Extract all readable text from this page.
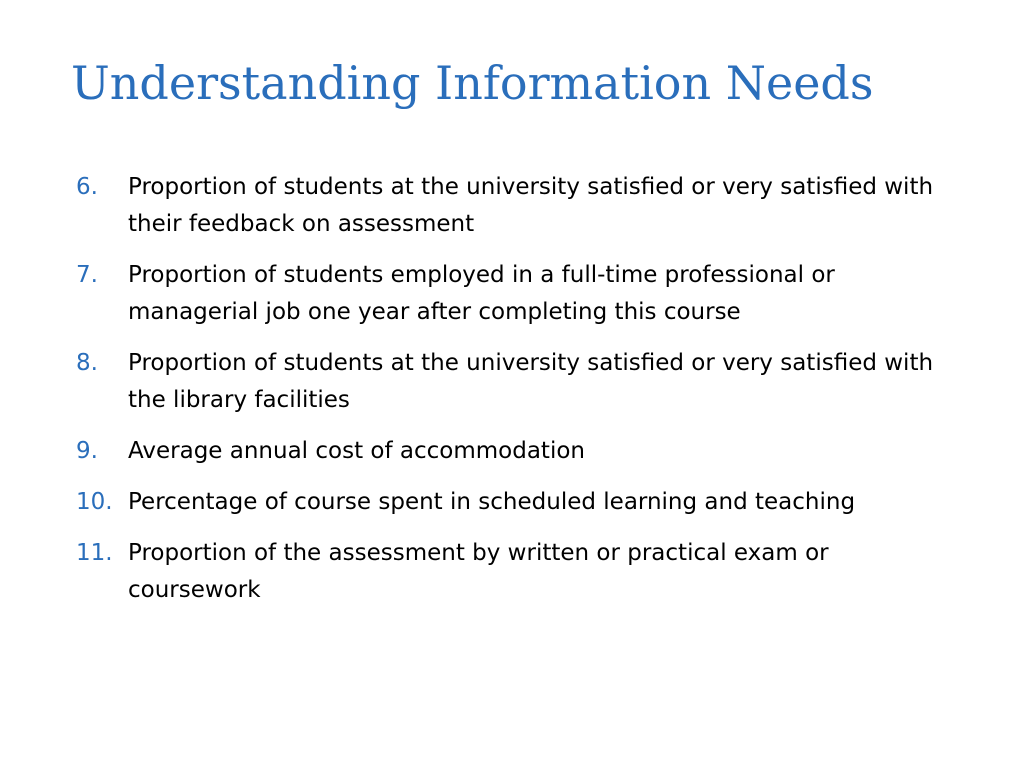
Understanding Information Needs
6.	Proportion of students at the university satisfied or very satisfied with their feedback on assessment
7.	Proportion of students employed in a full-time professional or managerial job one year after completing this course
8.	Proportion of students at the university satisfied or very satisfied with the library facilities
9.	Average annual cost of accommodation
10. Percentage of course spent in scheduled learning and teaching
11. Proportion of the assessment by written or practical exam or coursework
